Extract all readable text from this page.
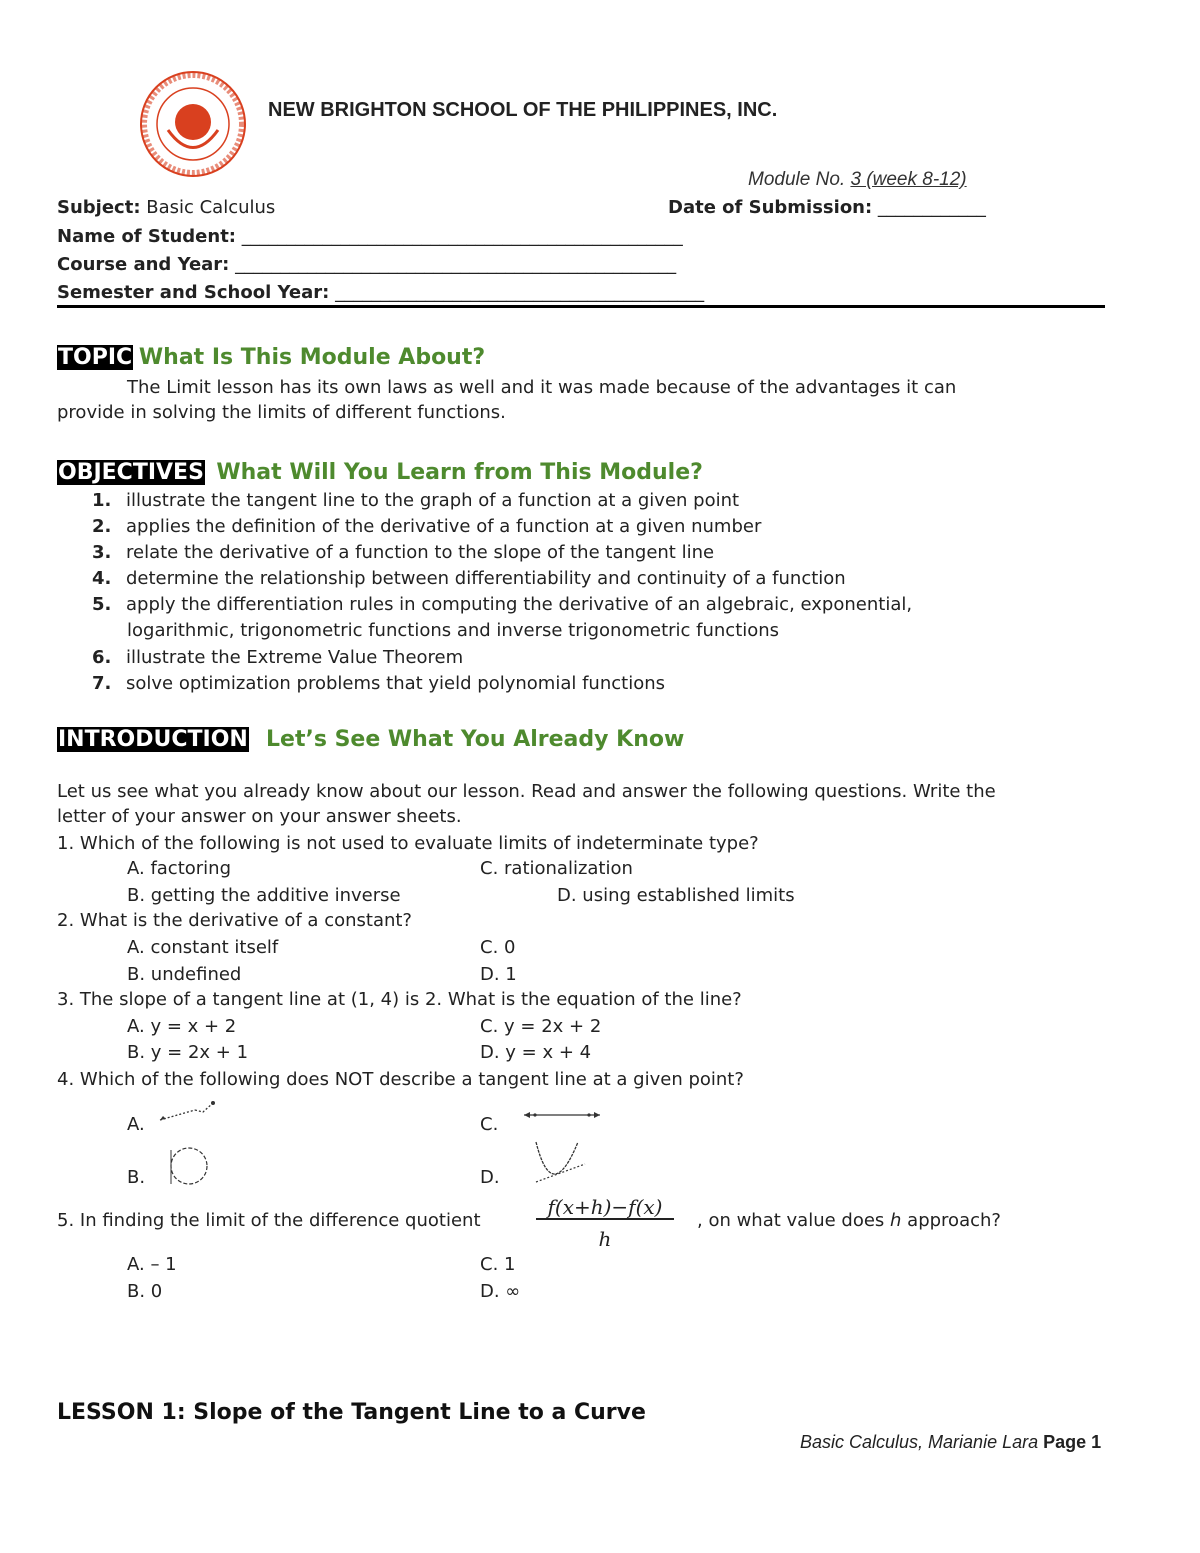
NEW BRIGHTON SCHOOL OF THE PHILIPPINES, INC.
Module No. 3 (week 8-12)
Subject: Basic Calculus	Date of Submission: ____________
Name of Student: _________________________________________________
Course and Year: _________________________________________________
Semester and School Year: _________________________________________
TOPIC What Is This Module About?
The Limit lesson has its own laws as well and it was made because of the advantages it can
provide in solving the limits of different functions.
OBJECTIVES What Will You Learn from This Module?
1. illustrate the tangent line to the graph of a function at a given point
2. applies the definition of the derivative of a function at a given number
3. relate the derivative of a function to the slope of the tangent line
4. determine the relationship between differentiability and continuity of a function
5. apply the differentiation rules in computing the derivative of an algebraic, exponential,
logarithmic, trigonometric functions and inverse trigonometric functions
6. illustrate the Extreme Value Theorem
7. solve optimization problems that yield polynomial functions
INTRODUCTION Let’s See What You Already Know
Let us see what you already know about our lesson. Read and answer the following questions. Write the
letter of your answer on your answer sheets.
1. Which of the following is not used to evaluate limits of indeterminate type?
A. factoring	C. rationalization
B. getting the additive inverse	D. using established limits
2. What is the derivative of a constant?
A. constant itself	C. 0
B. undefined	D. 1
3. The slope of a tangent line at (1, 4) is 2. What is the equation of the line?
A. y = x + 2	C. y = 2x + 2
B. y = 2x + 1	D. y = x + 4
4. Which of the following does NOT describe a tangent line at a given point?
A.	C.
B.	D.
5. In finding the limit of the difference quotient
f(x+h)−f(x)
h
, on what value does h approach?
A. – 1	C. 1
B. 0	D. ∞
LESSON 1: Slope of the Tangent Line to a Curve
Basic Calculus, Marianie Lara Page 1
